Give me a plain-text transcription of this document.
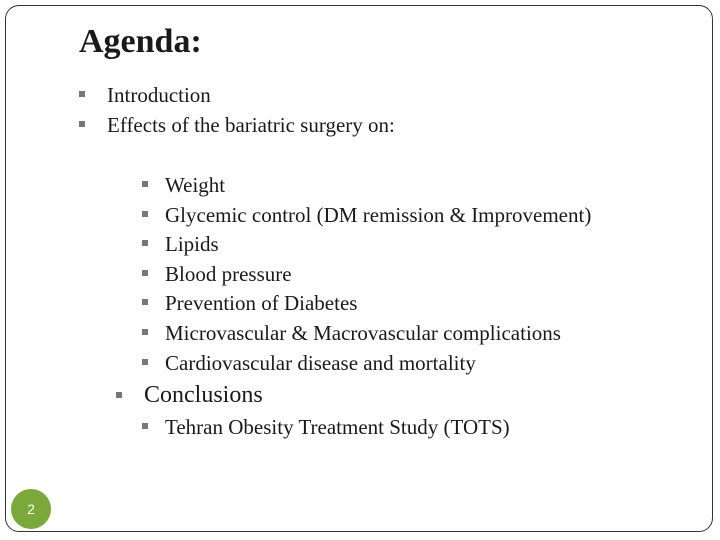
Agenda:
Introduction
Effects of the bariatric surgery on:
Weight
Glycemic control (DM remission & Improvement)
Lipids
Blood pressure
Prevention of Diabetes
Microvascular & Macrovascular complications
Cardiovascular disease and mortality
Conclusions
Tehran Obesity Treatment Study (TOTS)
2
